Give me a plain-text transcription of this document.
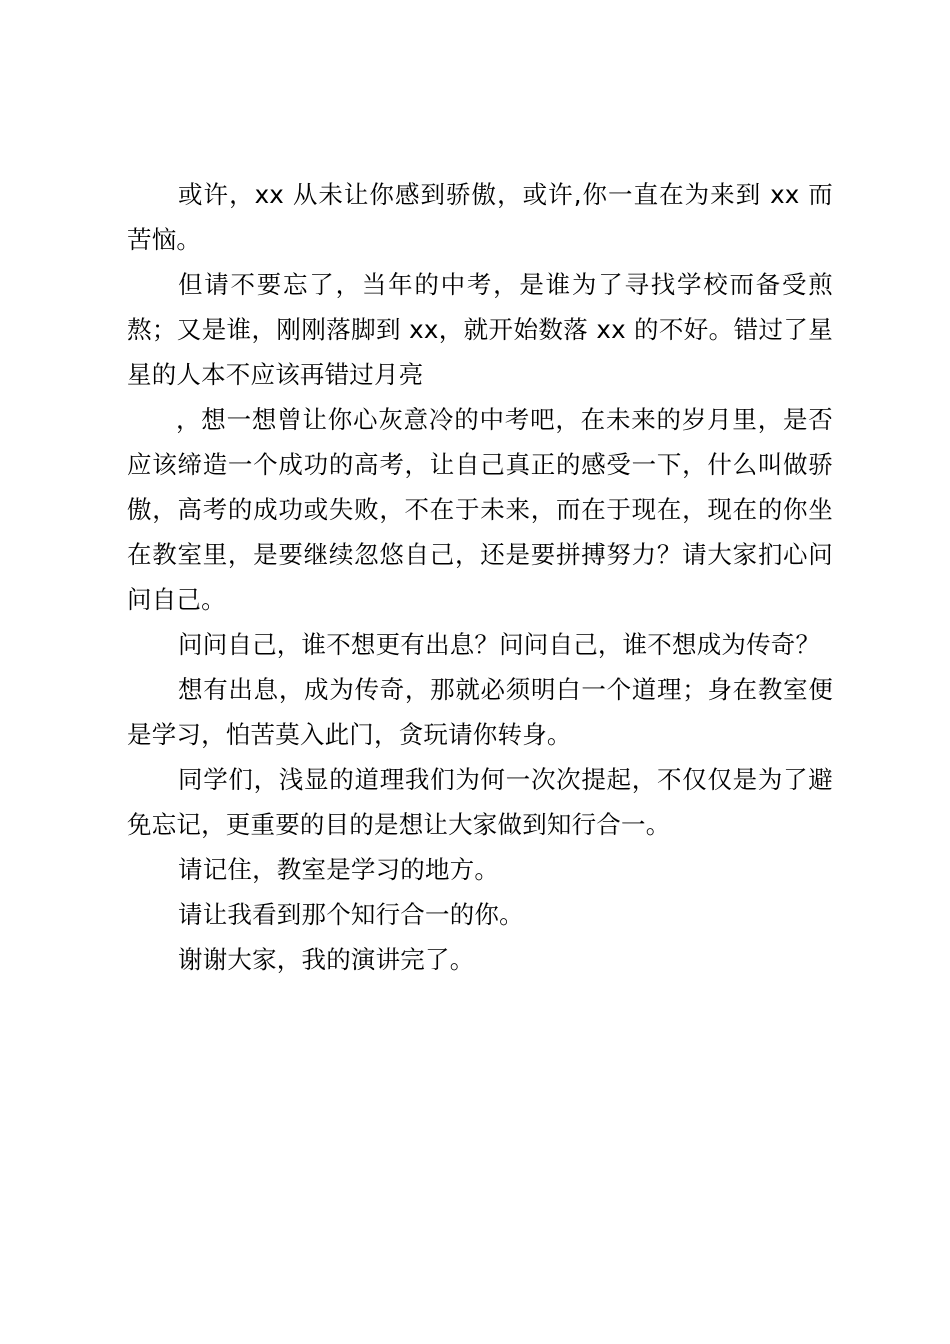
或许，xx 从未让你感到骄傲，或许,你一直在为来到 xx 而苦恼。

但请不要忘了，当年的中考，是谁为了寻找学校而备受煎熬；又是谁，刚刚落脚到 xx，就开始数落 xx 的不好。错过了星星的人本不应该再错过月亮

，想一想曾让你心灰意冷的中考吧，在未来的岁月里，是否应该缔造一个成功的高考，让自己真正的感受一下，什么叫做骄傲，高考的成功或失败，不在于未来，而在于现在，现在的你坐在教室里，是要继续忽悠自己，还是要拼搏努力？请大家扪心问问自己。

问问自己，谁不想更有出息？问问自己，谁不想成为传奇？

想有出息，成为传奇，那就必须明白一个道理；身在教室便是学习，怕苦莫入此门，贪玩请你转身。

同学们，浅显的道理我们为何一次次提起，不仅仅是为了避免忘记，更重要的目的是想让大家做到知行合一。

请记住，教室是学习的地方。

请让我看到那个知行合一的你。

谢谢大家，我的演讲完了。
